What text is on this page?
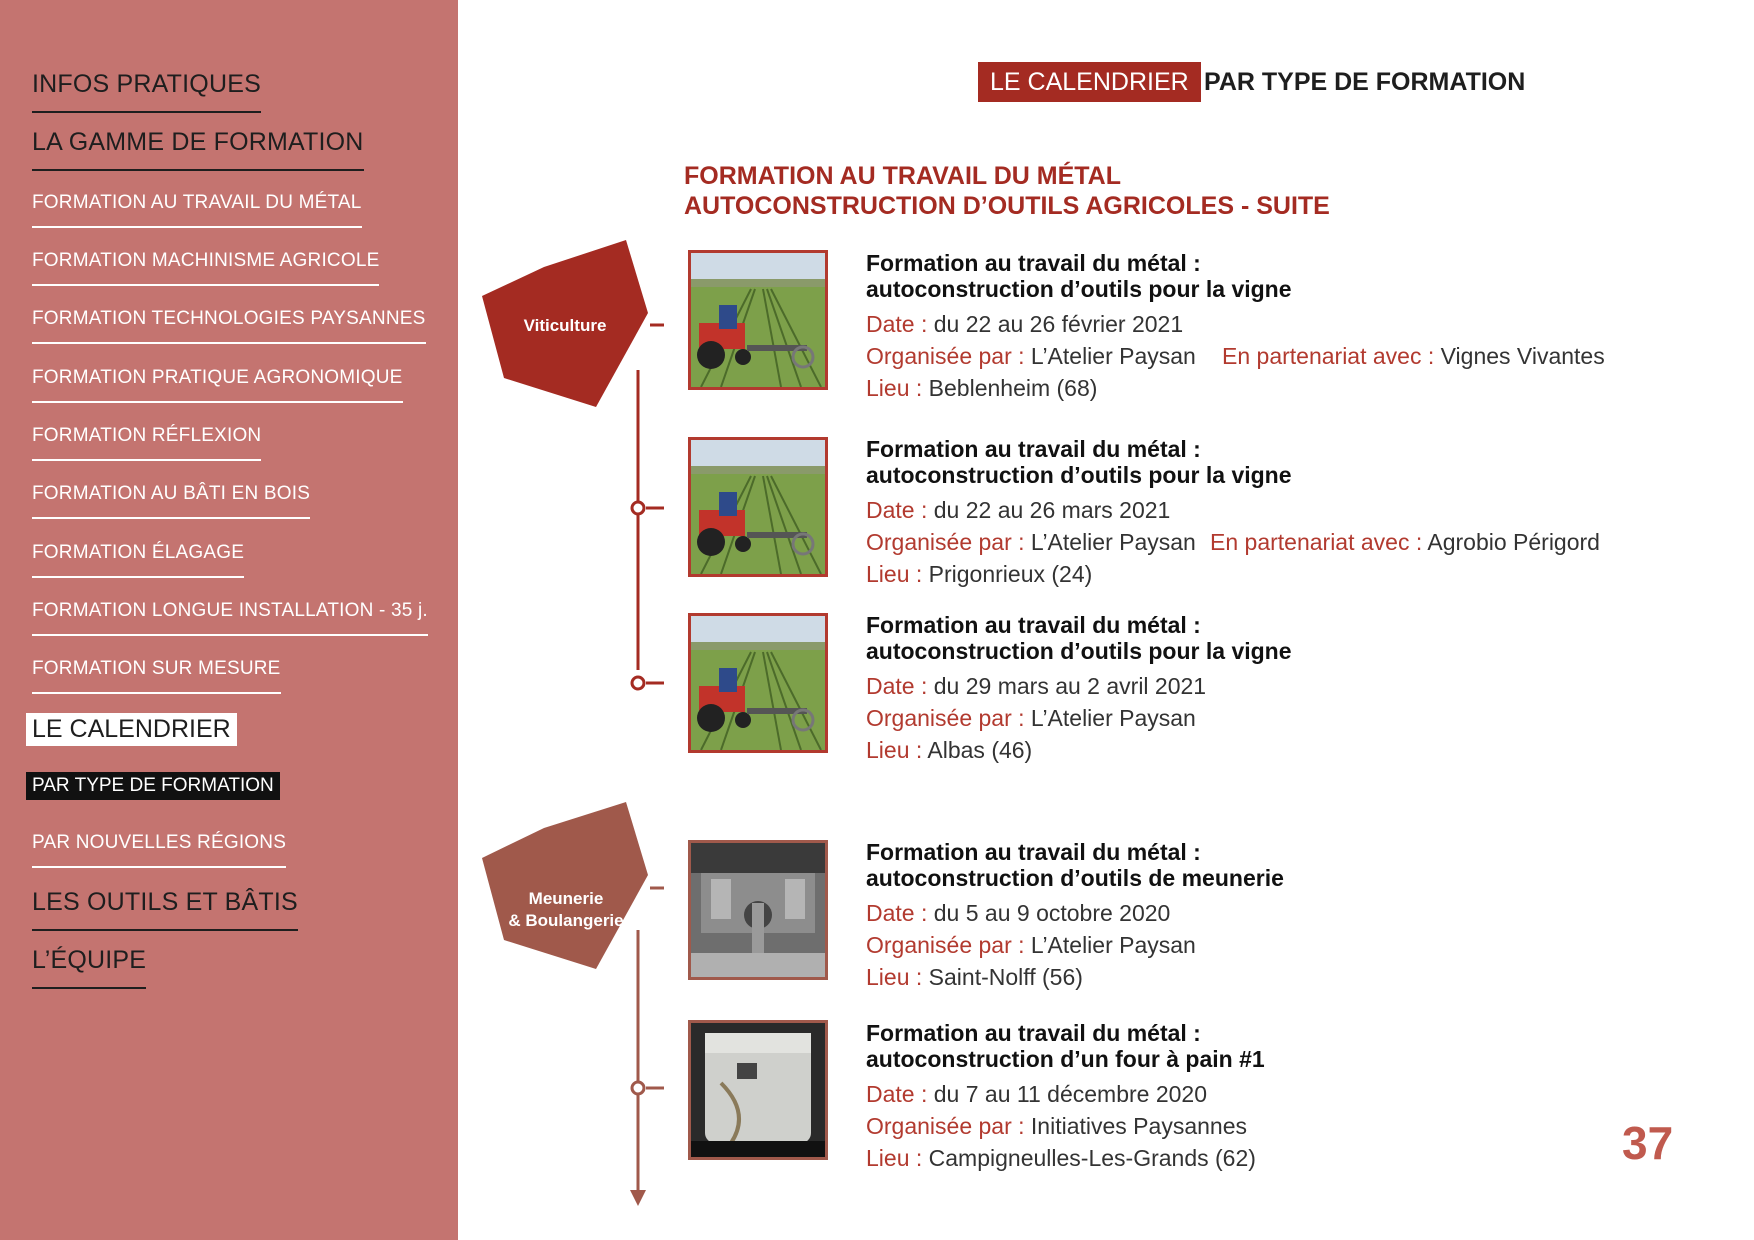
INFOS PRATIQUES
LA GAMME DE FORMATION
FORMATION AU TRAVAIL DU MÉTAL
FORMATION MACHINISME AGRICOLE
FORMATION TECHNOLOGIES PAYSANNES
FORMATION PRATIQUE AGRONOMIQUE
FORMATION RÉFLEXION
FORMATION AU BÂTI EN BOIS
FORMATION ÉLAGAGE
FORMATION LONGUE INSTALLATION - 35 j.
FORMATION SUR MESURE
LE CALENDRIER
PAR TYPE DE FORMATION
PAR NOUVELLES RÉGIONS
LES OUTILS ET BÂTIS
L’ÉQUIPE
LE CALENDRIER PAR TYPE DE FORMATION
FORMATION AU TRAVAIL DU MÉTAL
AUTOCONSTRUCTION D’OUTILS AGRICOLES - SUITE
Viticulture
Meunerie
& Boulangerie
Formation au travail du métal :
autoconstruction d’outils pour la vigne
Date : du 22 au 26 février 2021
Organisée par : L’Atelier Paysan En partenariat avec : Vignes Vivantes
Lieu : Beblenheim (68)
Formation au travail du métal :
autoconstruction d’outils pour la vigne
Date : du 22 au 26 mars 2021
Organisée par : L’Atelier Paysan En partenariat avec : Agrobio Périgord
Lieu : Prigonrieux (24)
Formation au travail du métal :
autoconstruction d’outils pour la vigne
Date : du 29 mars au 2 avril 2021
Organisée par : L’Atelier Paysan
Lieu : Albas (46)
Formation au travail du métal :
autoconstruction d’outils de meunerie
Date : du 5 au 9 octobre 2020
Organisée par : L’Atelier Paysan
Lieu : Saint-Nolff (56)
Formation au travail du métal :
autoconstruction d’un four à pain #1
Date : du 7 au 11 décembre 2020
Organisée par : Initiatives Paysannes
Lieu : Campigneulles-Les-Grands (62)	37
